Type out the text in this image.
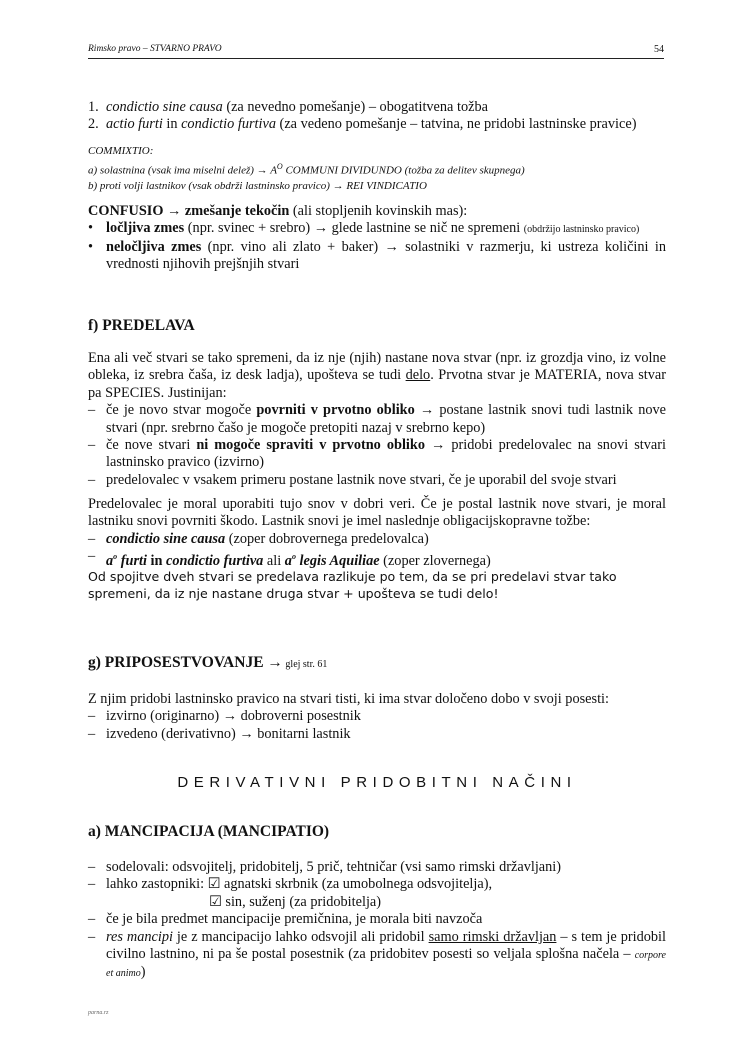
Rimsko pravo – STVARNO PRAVO	54
1. condictio sine causa (za nevedno pomešanje) – obogatitvena tožba
2. actio furti in condictio furtiva (za vedeno pomešanje – tatvina, ne pridobi lastninske pravice)
COMMIXTIO:
a) solastnina (vsak ima miselni delež) → $A^O$ COMMUNI DIVIDUNDO (tožba za delitev skupnega)
b) proti volji lastnikov (vsak obdrži lastninsko pravico) → REI VINDICATIO
CONFUSIO → zmešanje tekočin (ali stopljenih kovinskih mas):
• ločljiva zmes (npr. svinec + srebro) → glede lastnine se nič ne spremeni (obdržijo lastninsko pravico)
• neločljiva zmes (npr. vino ali zlato + baker) → solastniki v razmerju, ki ustreza količini in vrednosti njihovih prejšnjih stvari
f) PREDELAVA
Ena ali več stvari se tako spremeni, da iz nje (njih) nastane nova stvar (npr. iz grozdja vino, iz volne obleka, iz srebra čaša, iz desk ladja), upošteva se tudi delo. Prvotna stvar je MATERIA, nova stvar pa SPECIES. Justinijan:
– če je novo stvar mogoče povrniti v prvotno obliko → postane lastnik snovi tudi lastnik nove stvari (npr. srebrno čašo je mogoče pretopiti nazaj v srebrno kepo)
– če nove stvari ni mogoče spraviti v prvotno obliko → pridobi predelovalec na snovi stvari lastninsko pravico (izvirno)
– predelovalec v vsakem primeru postane lastnik nove stvari, če je uporabil del svoje stvari
Predelovalec je moral uporabiti tujo snov v dobri veri. Če je postal lastnik nove stvari, je moral lastniku snovi povrniti škodo. Lastnik snovi je imel naslednje obligacijskopravne tožbe:
– condictio sine causa (zoper dobrovernega predelovalca)
– $a^o$ furti in condictio furtiva ali $a^o$ legis Aquiliae (zoper zlovernega)
Od spojitve dveh stvari se predelava razlikuje po tem, da se pri predelavi stvar tako spremeni, da iz nje nastane druga stvar + upošteva se tudi delo!
g) PRIPOSESTVOVANJE → glej str. 61
Z njim pridobi lastninsko pravico na stvari tisti, ki ima stvar določeno dobo v svoji posesti:
– izvirno (originarno) → dobroverni posestnik
– izvedeno (derivativno) → bonitarni lastnik
DERIVATIVNI PRIDOBITNI NAČINI
a) MANCIPACIJA (MANCIPATIO)
– sodelovali: odsvojitelj, pridobitelj, 5 prič, tehtničar (vsi samo rimski državljani)
– lahko zastopniki: ☑ agnatski skrbnik (za umobolnega odsvojitelja),
☑ sin, suženj (za pridobitelja)
– če je bila predmet mancipacije premičnina, je morala biti navzoča
– res mancipi je z mancipacijo lahko odsvojil ali pridobil samo rimski državljan – s tem je pridobil civilno lastnino, ni pa še postal posestnik (za pridobitev posesti so veljala splošna načela – corpore et animo)
parna.rz
